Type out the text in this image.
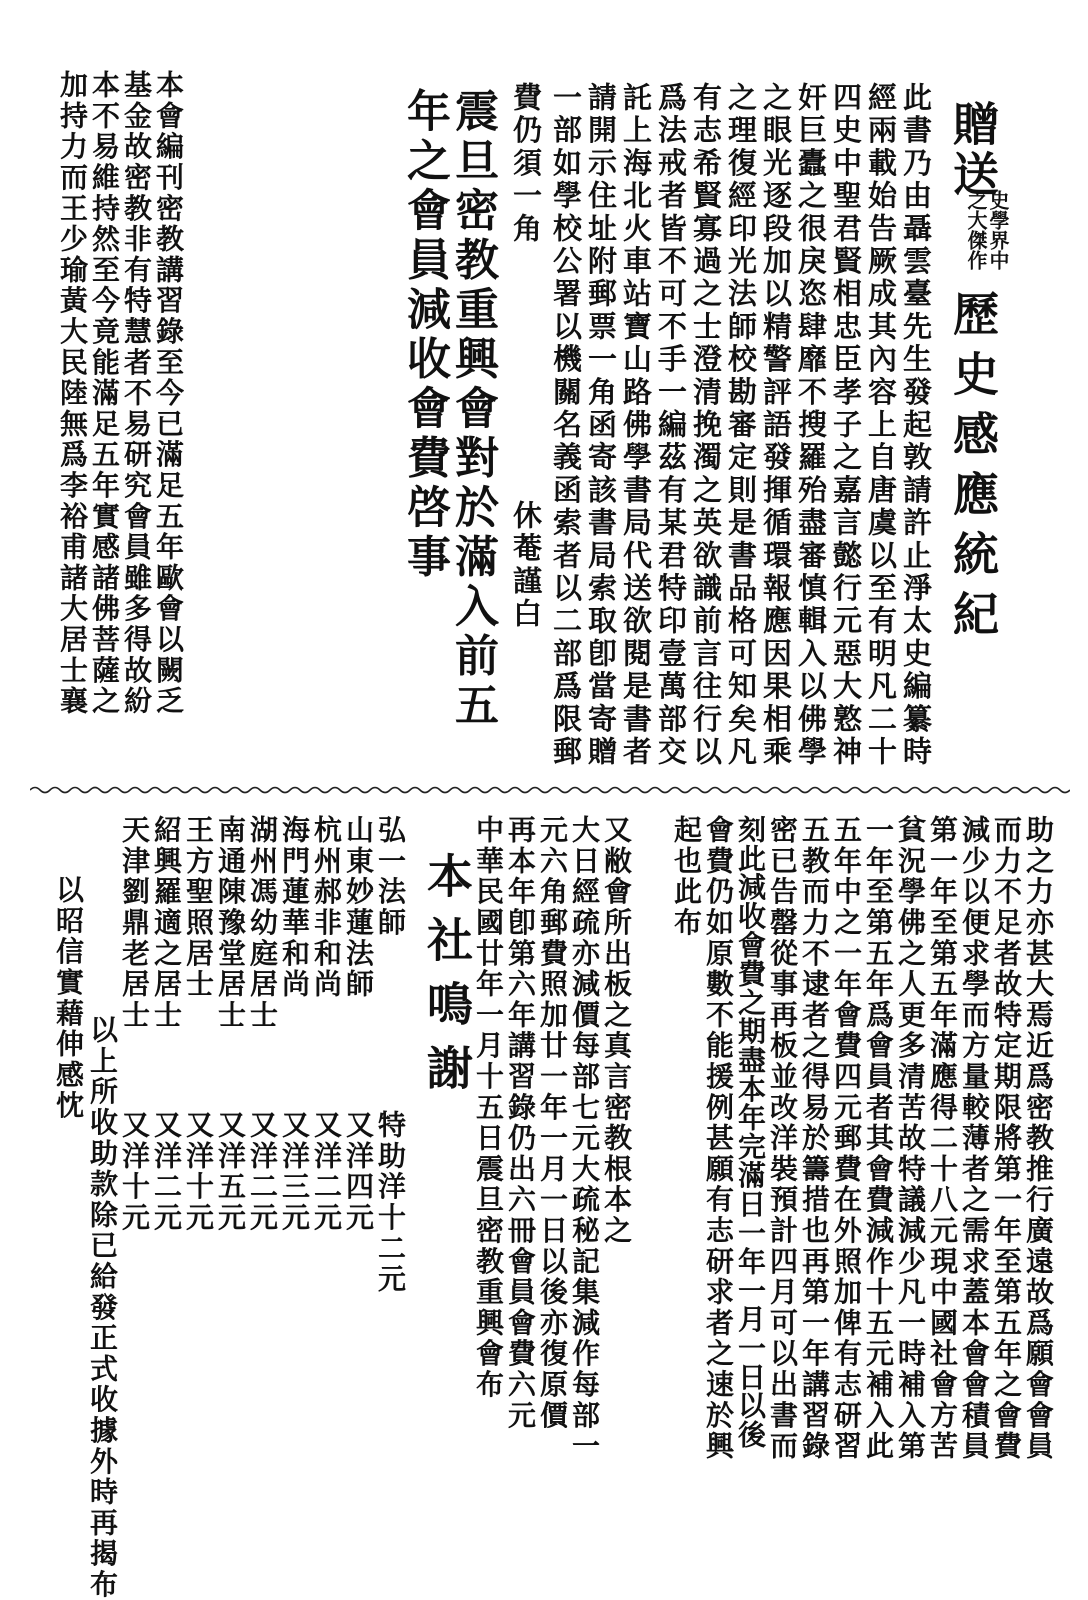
贈送
史學界中
之大傑作
歷史感應統紀
此書乃由聶雲臺先生發起敦請許止淨太史編纂時
經兩載始告厥成其內容上自唐虞以至有明凡二十
四史中聖君賢相忠臣孝子之嘉言懿行元惡大憝神
奸巨蠹之很戾恣肆靡不搜羅殆盡審慎輯入以佛學
之眼光逐段加以精警評語發揮循環報應因果相乘
之理復經印光法師校勘審定則是書品格可知矣凡
有志希賢寡過之士澄清挽濁之英欲識前言往行以
爲法戒者皆不可不手一編茲有某君特印壹萬部交
託上海北火車站寶山路佛學書局代送欲閱是書者
請開示住址附郵票一角函寄該書局索取卽當寄贈
一部如學校公署以機關名義函索者以二部爲限郵
費仍須一角
休菴謹白
震旦密教重興會對於滿入前五
年之會員減收會費啓事
本會編刊密教講習錄至今已滿足五年歐會以闕乏
基金故密教非有特慧者不易研究會員雖多得故紛
本不易維持然至今竟能滿足五年實感諸佛菩薩之
加持力而王少瑜黃大民陸無爲李裕甫諸大居士襄
助之力亦甚大焉近爲密教推行廣遠故爲願會會員
而力不足者故特定期限將第一年至第五年之會費
減少以便求學而方量較薄者之需求蓋本會會積員
第一年至第五年滿應得二十八元現中國社會方苦
貧況學佛之人更多清苦故特議減少凡一時補入第
一年至第五年爲會員者其會費減作十五元補入此
五年中之一年會費四元郵費在外照加俾有志研習
五教而力不逮者之得易於籌措也再第一年講習錄
密已告罄從事再板並改洋裝預計四月可以出書而
刻此減收會費之期盡本年完滿日一年一月一日以後
會費仍如原數不能援例甚願有志研求者之速於興
起也此布
又敝會所出板之真言密教根本之
大日經疏亦減價每部七元大疏秘記集減作每部一
元六角郵費照加廿一年一月一日以後亦復原價
再本年卽第六年講習錄仍出六冊會員會費六元
中華民國廿年一月十五日震旦密教重興會布
本社鳴謝
弘一法師
山東妙蓮法師
杭州郝非和尚
海門蓮華和尚
湖州馮幼庭居士
南通陳豫堂居士
王方聖照居士
紹興羅適之居士
天津劉鼎老居士
特助洋十二元
又洋四元
又洋二元
又洋三元
又洋二元
又洋五元
又洋十元
又洋二元
又洋十元
以上所收助款除已給發正式收據外時再揭布
以昭信實藉伸感忱
